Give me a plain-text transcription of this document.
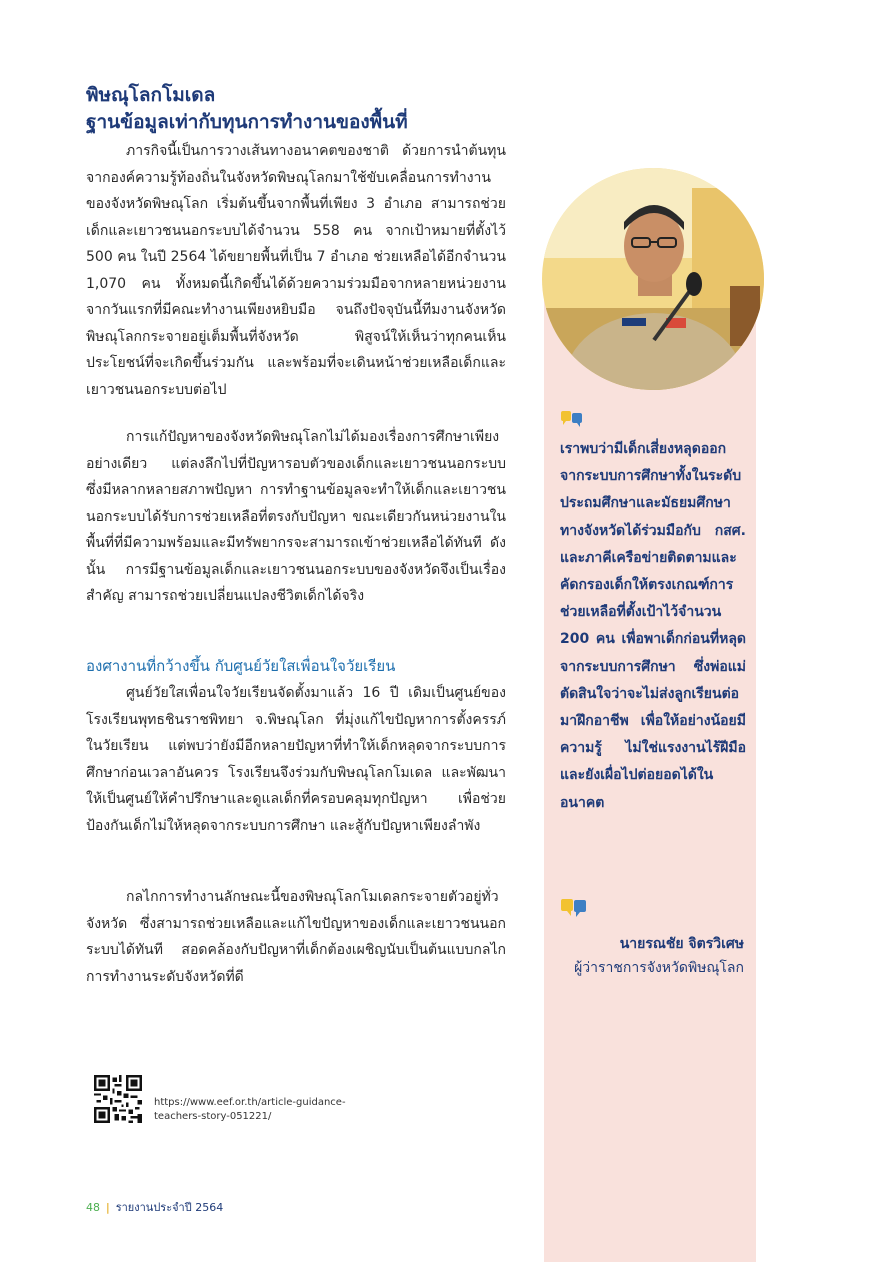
พิษณุโลกโมเดล
ฐานข้อมูลเท่ากับทุนการทำงานของพื้นที่

ภารกิจนี้เป็นการวางเส้นทางอนาคตของชาติ ด้วยการนำต้นทุนจากองค์ความรู้ท้องถิ่นในจังหวัดพิษณุโลกมาใช้ขับเคลื่อนการทำงานของจังหวัดพิษณุโลก เริ่มต้นขึ้นจากพื้นที่เพียง 3 อำเภอ สามารถช่วยเด็กและเยาวชนนอกระบบได้จำนวน 558 คน จากเป้าหมายที่ตั้งไว้ 500 คน ในปี 2564 ได้ขยายพื้นที่เป็น 7 อำเภอ ช่วยเหลือได้อีกจำนวน 1,070 คน ทั้งหมดนี้เกิดขึ้นได้ด้วยความร่วมมือจากหลายหน่วยงาน จากวันแรกที่มีคณะทำงานเพียงหยิบมือ จนถึงปัจจุบันนี้ทีมงานจังหวัดพิษณุโลกกระจายอยู่เต็มพื้นที่จังหวัด พิสูจน์ให้เห็นว่าทุกคนเห็นประโยชน์ที่จะเกิดขึ้นร่วมกัน และพร้อมที่จะเดินหน้าช่วยเหลือเด็กและเยาวชนนอกระบบต่อไป

การแก้ปัญหาของจังหวัดพิษณุโลกไม่ได้มองเรื่องการศึกษาเพียงอย่างเดียว แต่ลงลึกไปที่ปัญหารอบตัวของเด็กและเยาวชนนอกระบบ ซึ่งมีหลากหลายสภาพปัญหา การทำฐานข้อมูลจะทำให้เด็กและเยาวชนนอกระบบได้รับการช่วยเหลือที่ตรงกับปัญหา ขณะเดียวกันหน่วยงานในพื้นที่ที่มีความพร้อมและมีทรัพยากรจะสามารถเข้าช่วยเหลือได้ทันที ดังนั้น การมีฐานข้อมูลเด็กและเยาวชนนอกระบบของจังหวัดจึงเป็นเรื่องสำคัญ สามารถช่วยเปลี่ยนแปลงชีวิตเด็กได้จริง

องศางานที่กว้างขึ้น กับศูนย์วัยใสเพื่อนใจวัยเรียน

ศูนย์วัยใสเพื่อนใจวัยเรียนจัดตั้งมาแล้ว 16 ปี เดิมเป็นศูนย์ของโรงเรียนพุทธชินราชพิทยา จ.พิษณุโลก ที่มุ่งแก้ไขปัญหาการตั้งครรภ์ในวัยเรียน แต่พบว่ายังมีอีกหลายปัญหาที่ทำให้เด็กหลุดจากระบบการศึกษาก่อนเวลาอันควร โรงเรียนจึงร่วมกับพิษณุโลกโมเดล และพัฒนาให้เป็นศูนย์ให้คำปรึกษาและดูแลเด็กที่ครอบคลุมทุกปัญหา เพื่อช่วยป้องกันเด็กไม่ให้หลุดจากระบบการศึกษา และสู้กับปัญหาเพียงลำพัง

กลไกการทำงานลักษณะนี้ของพิษณุโลกโมเดลกระจายตัวอยู่ทั่วจังหวัด ซึ่งสามารถช่วยเหลือและแก้ไขปัญหาของเด็กและเยาวชนนอกระบบได้ทันที สอดคล้องกับปัญหาที่เด็กต้องเผชิญนับเป็นต้นแบบกลไกการทำงานระดับจังหวัดที่ดี

เราพบว่ามีเด็กเสี่ยงหลุดออกจากระบบการศึกษาทั้งในระดับประถมศึกษาและมัธยมศึกษา ทางจังหวัดได้ร่วมมือกับ กสศ. และภาคีเครือข่ายติดตามและคัดกรองเด็กให้ตรงเกณฑ์การช่วยเหลือที่ตั้งเป้าไว้จำนวน 200 คน เพื่อพาเด็กก่อนที่หลุดจากระบบการศึกษา ซึ่งพ่อแม่ตัดสินใจว่าจะไม่ส่งลูกเรียนต่อ มาฝึกอาชีพ เพื่อให้อย่างน้อยมีความรู้ ไม่ใช่แรงงานไร้ฝีมือ และยังเผื่อไปต่อยอดได้ในอนาคต

นายรณชัย จิตรวิเศษ
ผู้ว่าราชการจังหวัดพิษณุโลก
https://www.eef.or.th/article-guidance-
teachers-story-051221/
48 | รายงานประจำปี 2564
